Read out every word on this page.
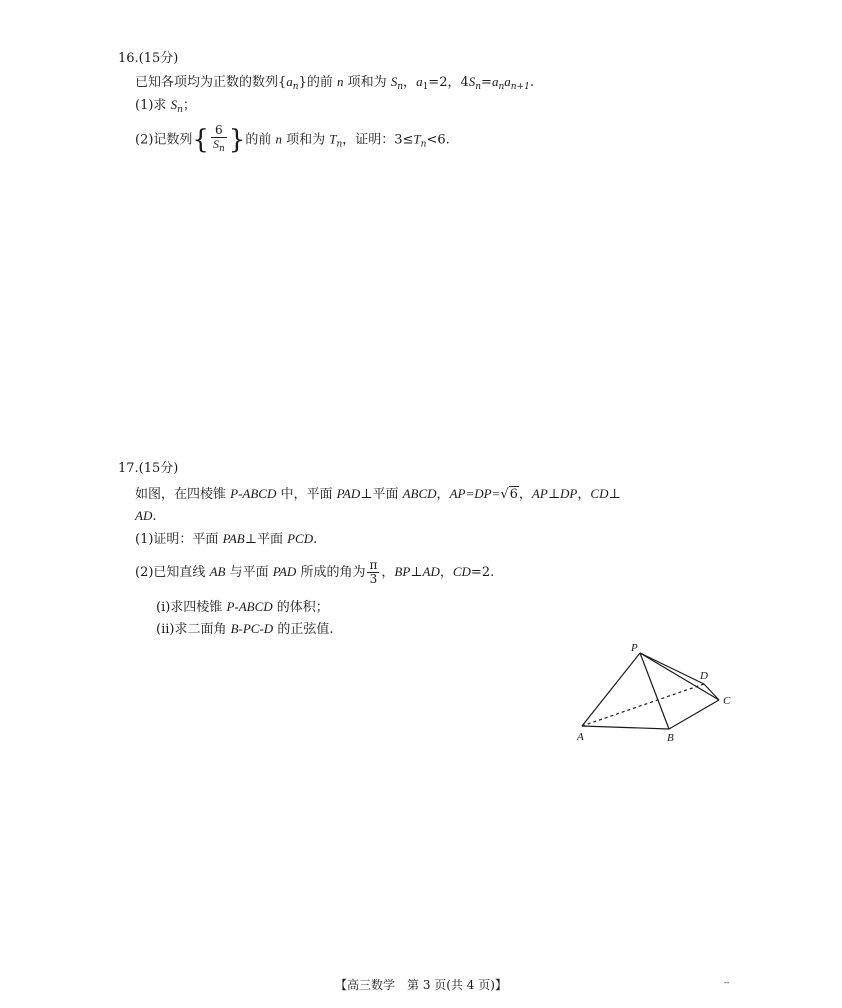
16.(15分)
已知各项均为正数的数列$\{a_n\}$的前 n 项和为 $S_n$，$a_1=2$，$4S_n=a_na_{n+1}$.
(1)求 $S_n$；
(2)记数列{ $\frac{6}{S_n}$ }的前 n 项和为 $T_n$，证明：$3\le T_n<6$.
17.(15分)
如图，在四棱锥 P-ABCD 中，平面 PAD⊥平面 ABCD，AP=DP=√6，AP⊥DP，CD⊥
AD.
(1)证明：平面 PAB⊥平面 PCD.
(2)已知直线 AB 与平面 PAD 所成的角为 $\frac{\pi}{3}$ ，BP⊥AD，CD=2.
(ⅰ)求四棱锥 P-ABCD 的体积；
(ⅱ)求二面角 B-PC-D 的正弦值.
P
D
C
A	B
【高三数学　第 3 页(共 4 页)】	--
